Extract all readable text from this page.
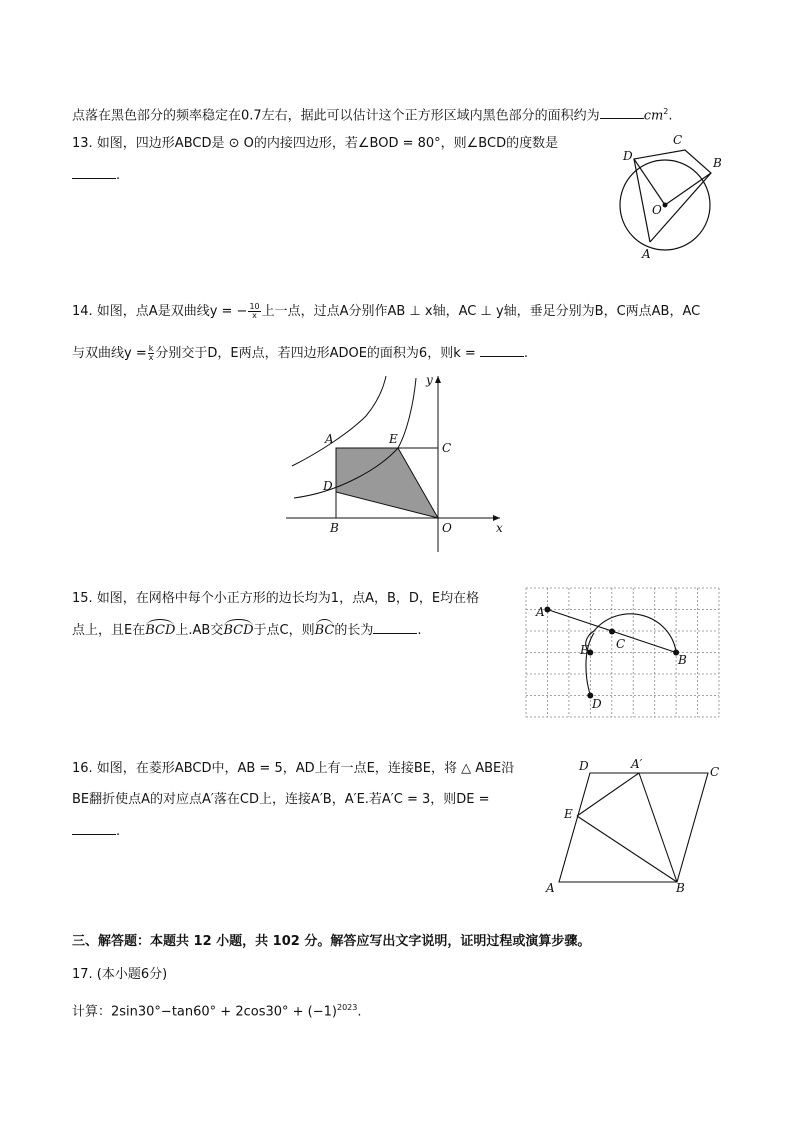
点落在黑色部分的频率稳定在0.7左右，据此可以估计这个正方形区域内黑色部分的面积约为	$cm^2$.
13. 如图，四边形ABCD是 ⊙ O的内接四边形，若∠BOD = 80°，则∠BCD的度数是
.
A
B
C
D
O
14. 如图，点A是双曲线y = − $\frac{10}{x}$ 上一点，过点A分别作AB ⊥ x轴，AC ⊥ y轴，垂足分别为B，C两点AB，AC
与双曲线$y = \frac{k}{x}$ 分别交于D，E两点，若四边形ADOE的面积为6，则k =	.
A	E
C
D
B	O	x
y
15. 如图，在网格中每个小正方形的边长均为1，点A，B，D，E均在格
点上，且E在BCD上.AB交BCD于点C，则BC的长为	.
A
B
C
E
D
16. 如图，在菱形ABCD中，AB = 5，AD上有一点E，连接BE，将 △ ABE沿
BE翻折使点A的对应点A′落在CD上，连接A′B，A′E.若A′C = 3，则DE =
.
D	A′
C
E
A	B
三、解答题：本题共 12 小题，共 102 分。解答应写出文字说明，证明过程或演算步骤。
17. (本小题6分)
计算：$2\sin 30^\circ-\tan 60^\circ + 2\cos 30^\circ + (-1)^{2023}$.
